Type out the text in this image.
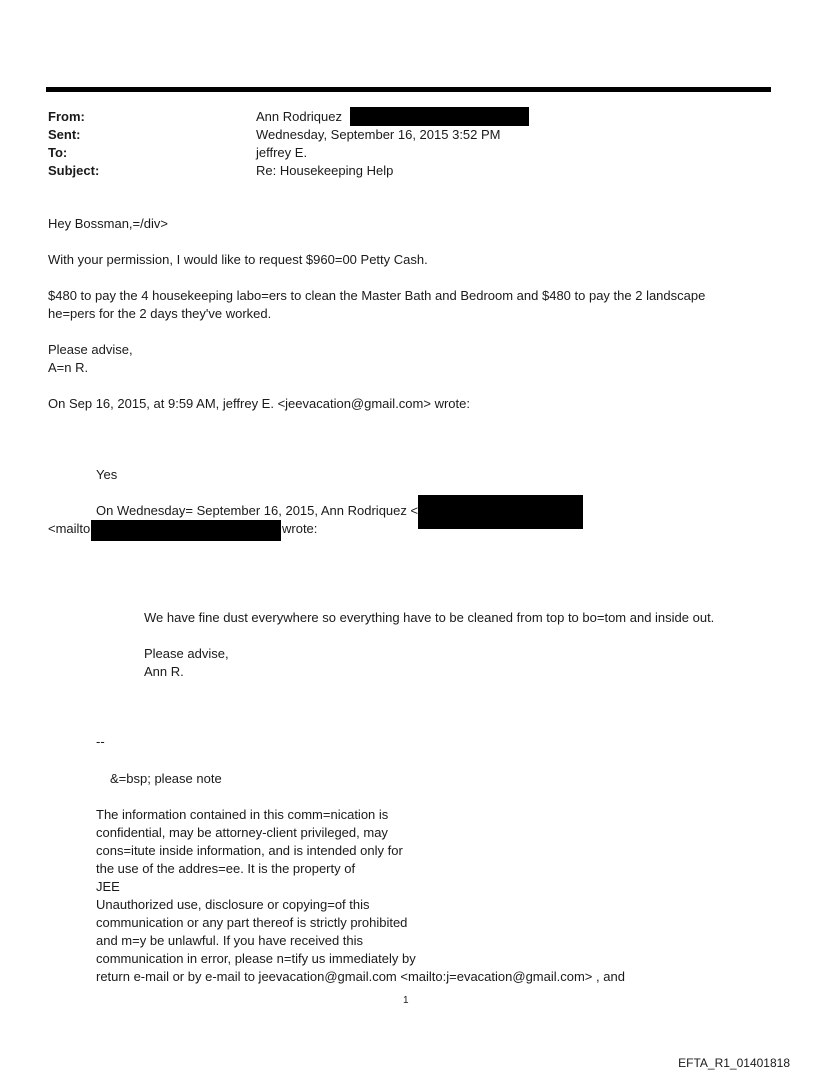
From:	Ann Rodriquez
Sent:	Wednesday, September 16, 2015 3:52 PM
To:	jeffrey E.
Subject:	Re: Housekeeping Help
Hey Bossman,=/div>
With your permission, I would like to request $960=00 Petty Cash.
$480 to pay the 4 housekeeping labo=ers to clean the Master Bath and Bedroom and $480 to pay the 2 landscape
he=pers for the 2 days they've worked.
Please advise,
A=n R.
On Sep 16, 2015, at 9:59 AM, jeffrey E. <jeevacation@gmail.com> wrote:
Yes
On Wednesday= September 16, 2015, Ann Rodriquez <
<mailto	wrote:
We have fine dust everywhere so everything have to be cleaned from top to bo=tom and inside out.
Please advise,
Ann R.
--
&=bsp; please note
The information contained in this comm=nication is
confidential, may be attorney-client privileged, may
cons=itute inside information, and is intended only for
the use of the addres=ee. It is the property of
JEE
Unauthorized use, disclosure or copying=of this
communication or any part thereof is strictly prohibited
and m=y be unlawful. If you have received this
communication in error, please n=tify us immediately by
return e-mail or by e-mail to jeevacation@gmail.com <mailto:j=evacation@gmail.com> , and
1
EFTA_R1_01401818
